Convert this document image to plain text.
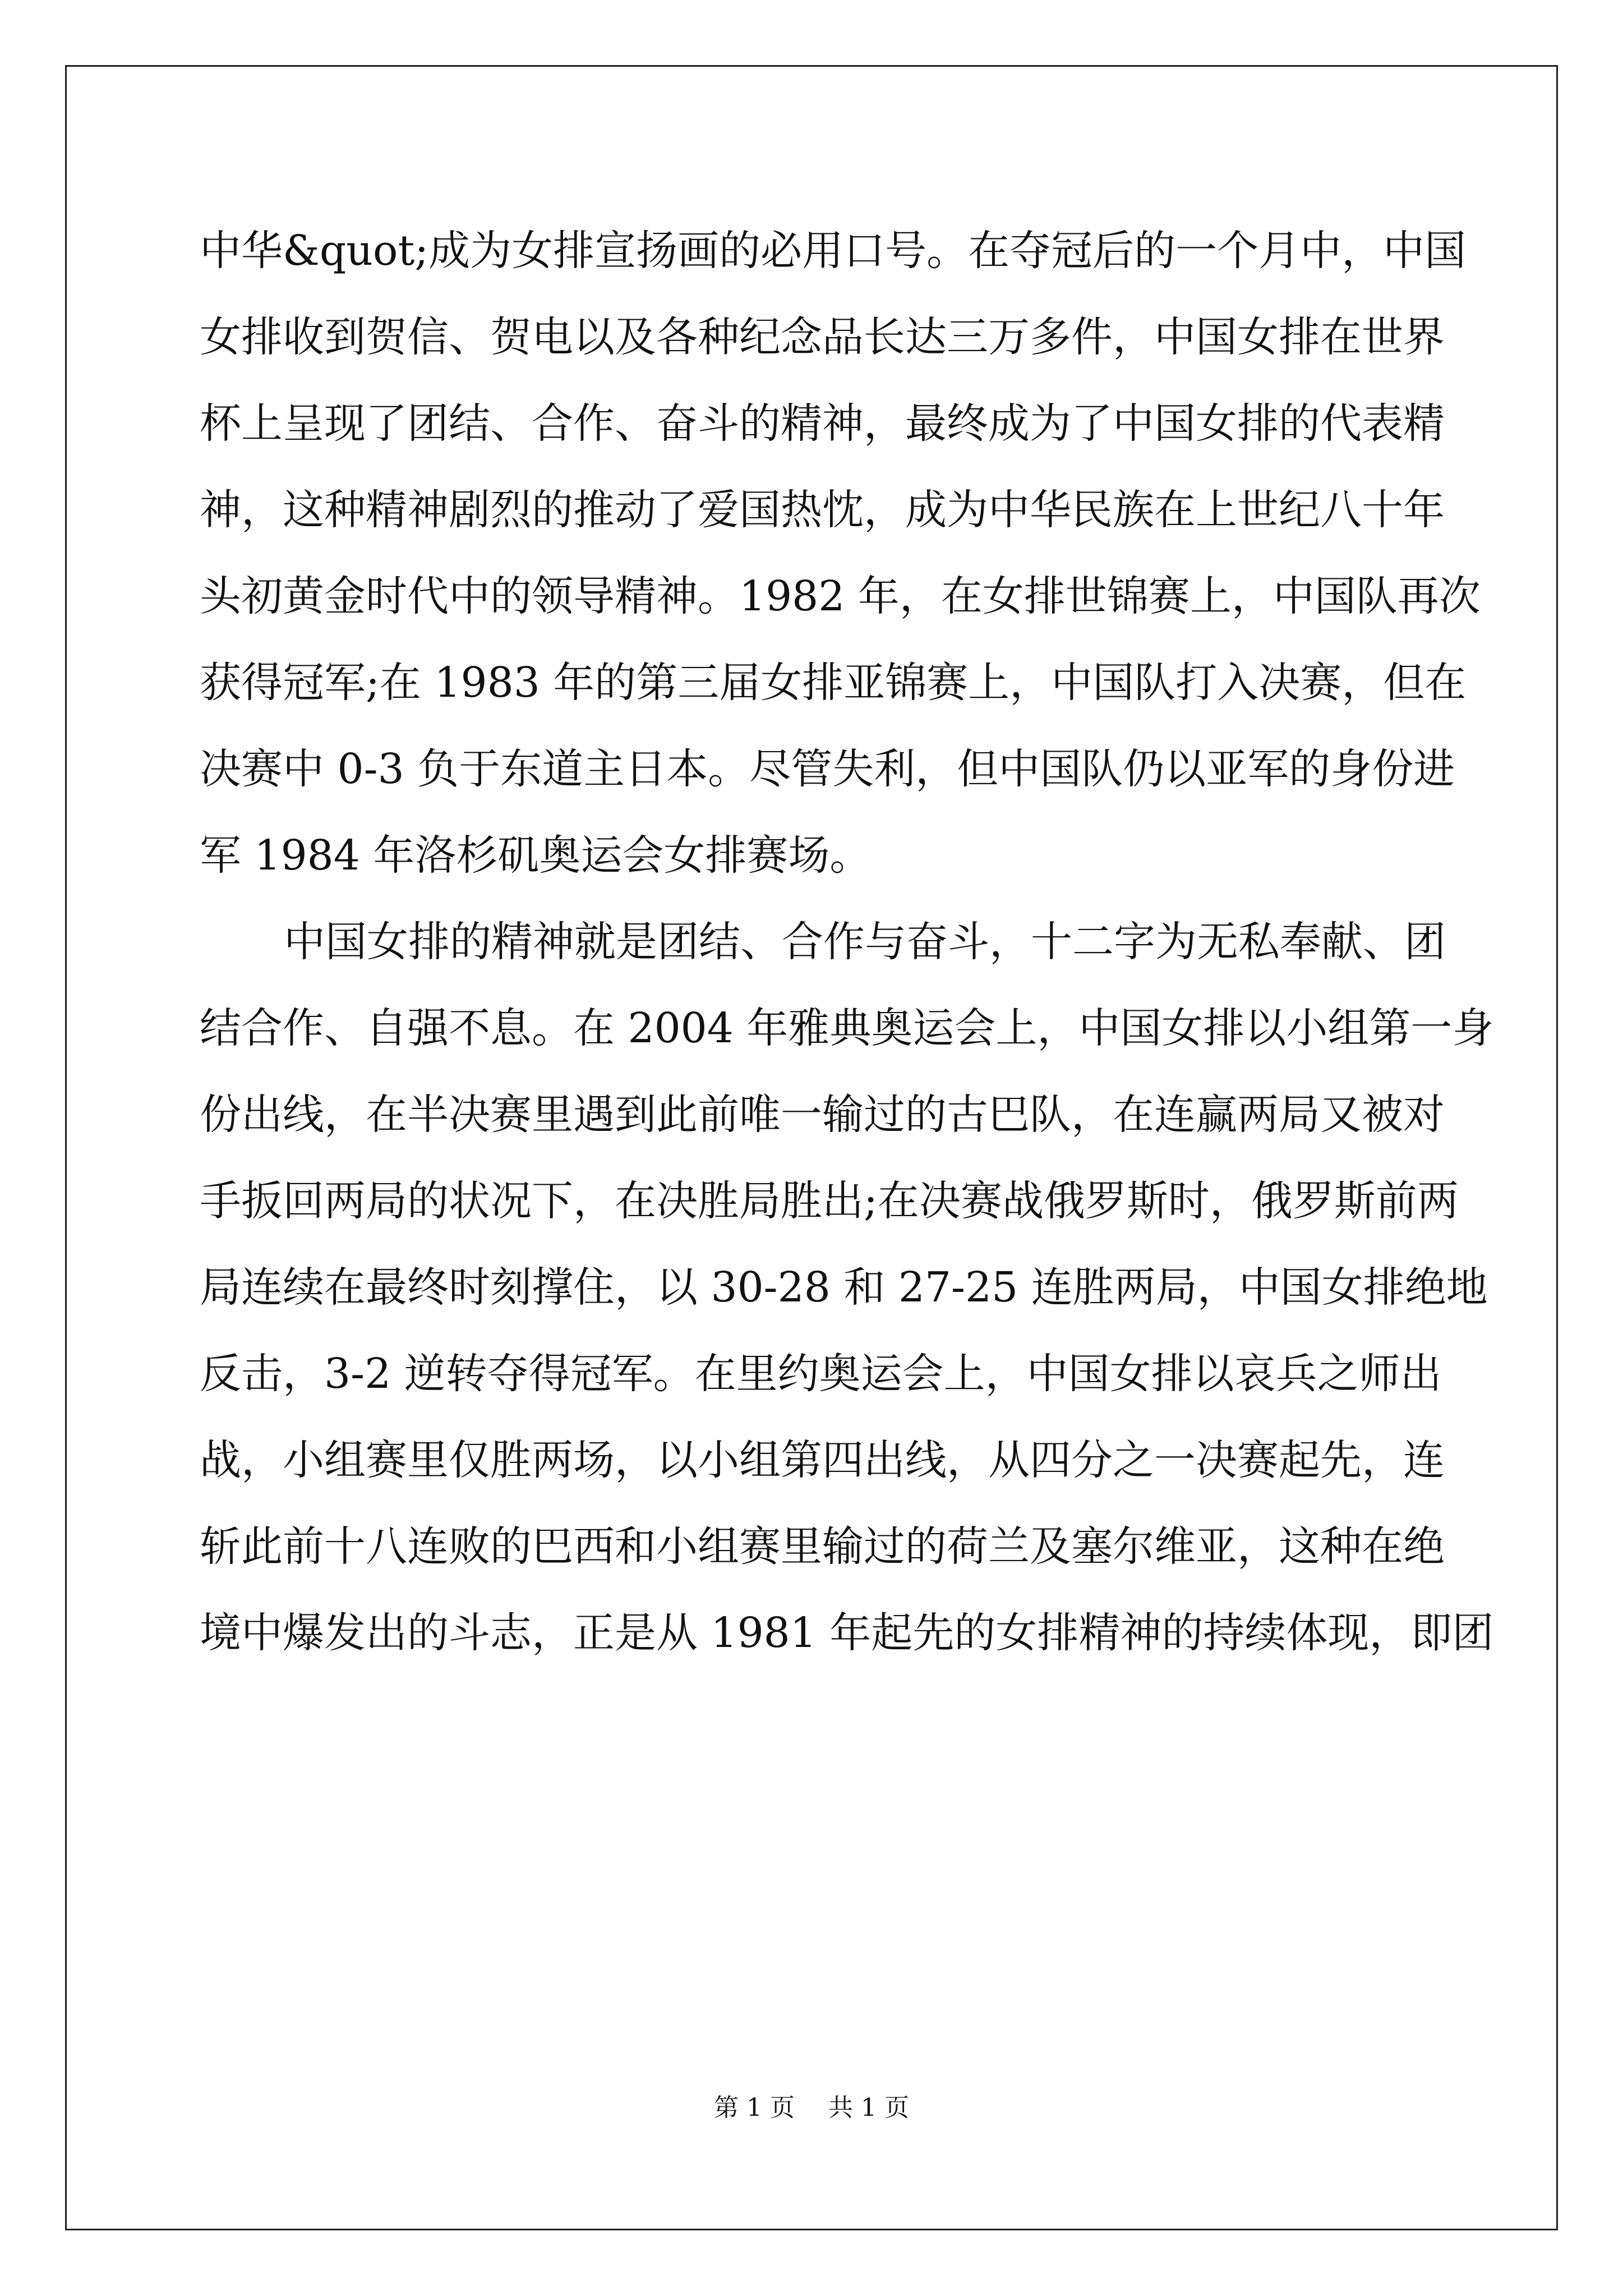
中华&quot;成为女排宣扬画的必用口号。在夺冠后的一个月中，中国
女排收到贺信、贺电以及各种纪念品长达三万多件，中国女排在世界
杯上呈现了团结、合作、奋斗的精神，最终成为了中国女排的代表精
神，这种精神剧烈的推动了爱国热忱，成为中华民族在上世纪八十年
头初黄金时代中的领导精神。1982 年，在女排世锦赛上，中国队再次
获得冠军;在 1983 年的第三届女排亚锦赛上，中国队打入决赛，但在
决赛中 0-3 负于东道主日本。尽管失利，但中国队仍以亚军的身份进
军 1984 年洛杉矶奥运会女排赛场。
中国女排的精神就是团结、合作与奋斗，十二字为无私奉献、团
结合作、自强不息。在 2004 年雅典奥运会上，中国女排以小组第一身
份出线，在半决赛里遇到此前唯一输过的古巴队，在连赢两局又被对
手扳回两局的状况下，在决胜局胜出;在决赛战俄罗斯时，俄罗斯前两
局连续在最终时刻撑住，以 30-28 和 27-25 连胜两局，中国女排绝地
反击，3-2 逆转夺得冠军。在里约奥运会上，中国女排以哀兵之师出
战，小组赛里仅胜两场，以小组第四出线，从四分之一决赛起先，连
斩此前十八连败的巴西和小组赛里输过的荷兰及塞尔维亚，这种在绝
境中爆发出的斗志，正是从 1981 年起先的女排精神的持续体现，即团
第 1 页 共 1 页
